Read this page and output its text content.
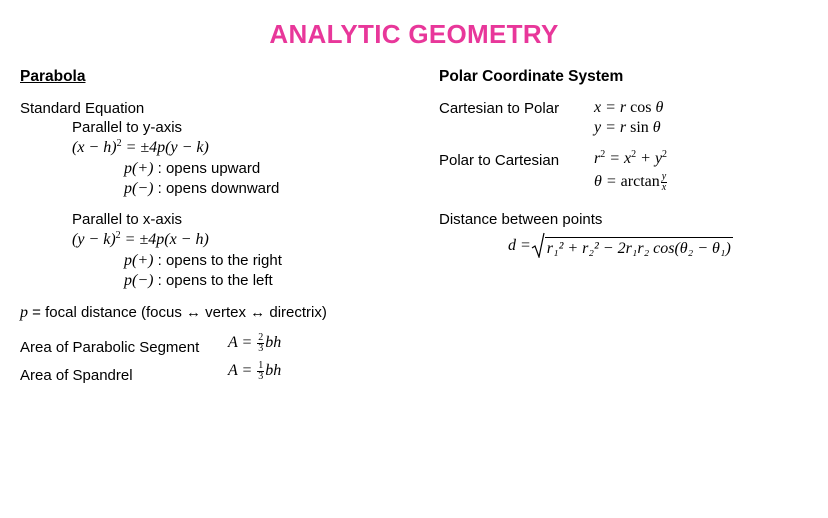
ANALYTIC GEOMETRY
Parabola
Standard Equation
Parallel to y-axis
$(x - h)^2 = \pm 4p(y - k)$
p(+) : opens upward
p(−) : opens downward
Parallel to x-axis
$(y - k)^2 = \pm 4p(x - h)$
p(+) : opens to the right
p(−) : opens to the left
p = focal distance (focus ↔ vertex ↔ directrix)
Area of Parabolic Segment $A = \frac{2}{3}$ bh
Area of Spandrel	$A = \frac{1}{3}$ bh
Polar Coordinate System
Cartesian to Polar x = r cos θ
y = r sin θ
Polar to Cartesian $r^2 = x^2 + y^2$
$\theta = \arctan \frac{y}{x}$
Distance between points
d = r₁² + r₂² − 2r₁r₂ cos(θ₂ − θ₁)
